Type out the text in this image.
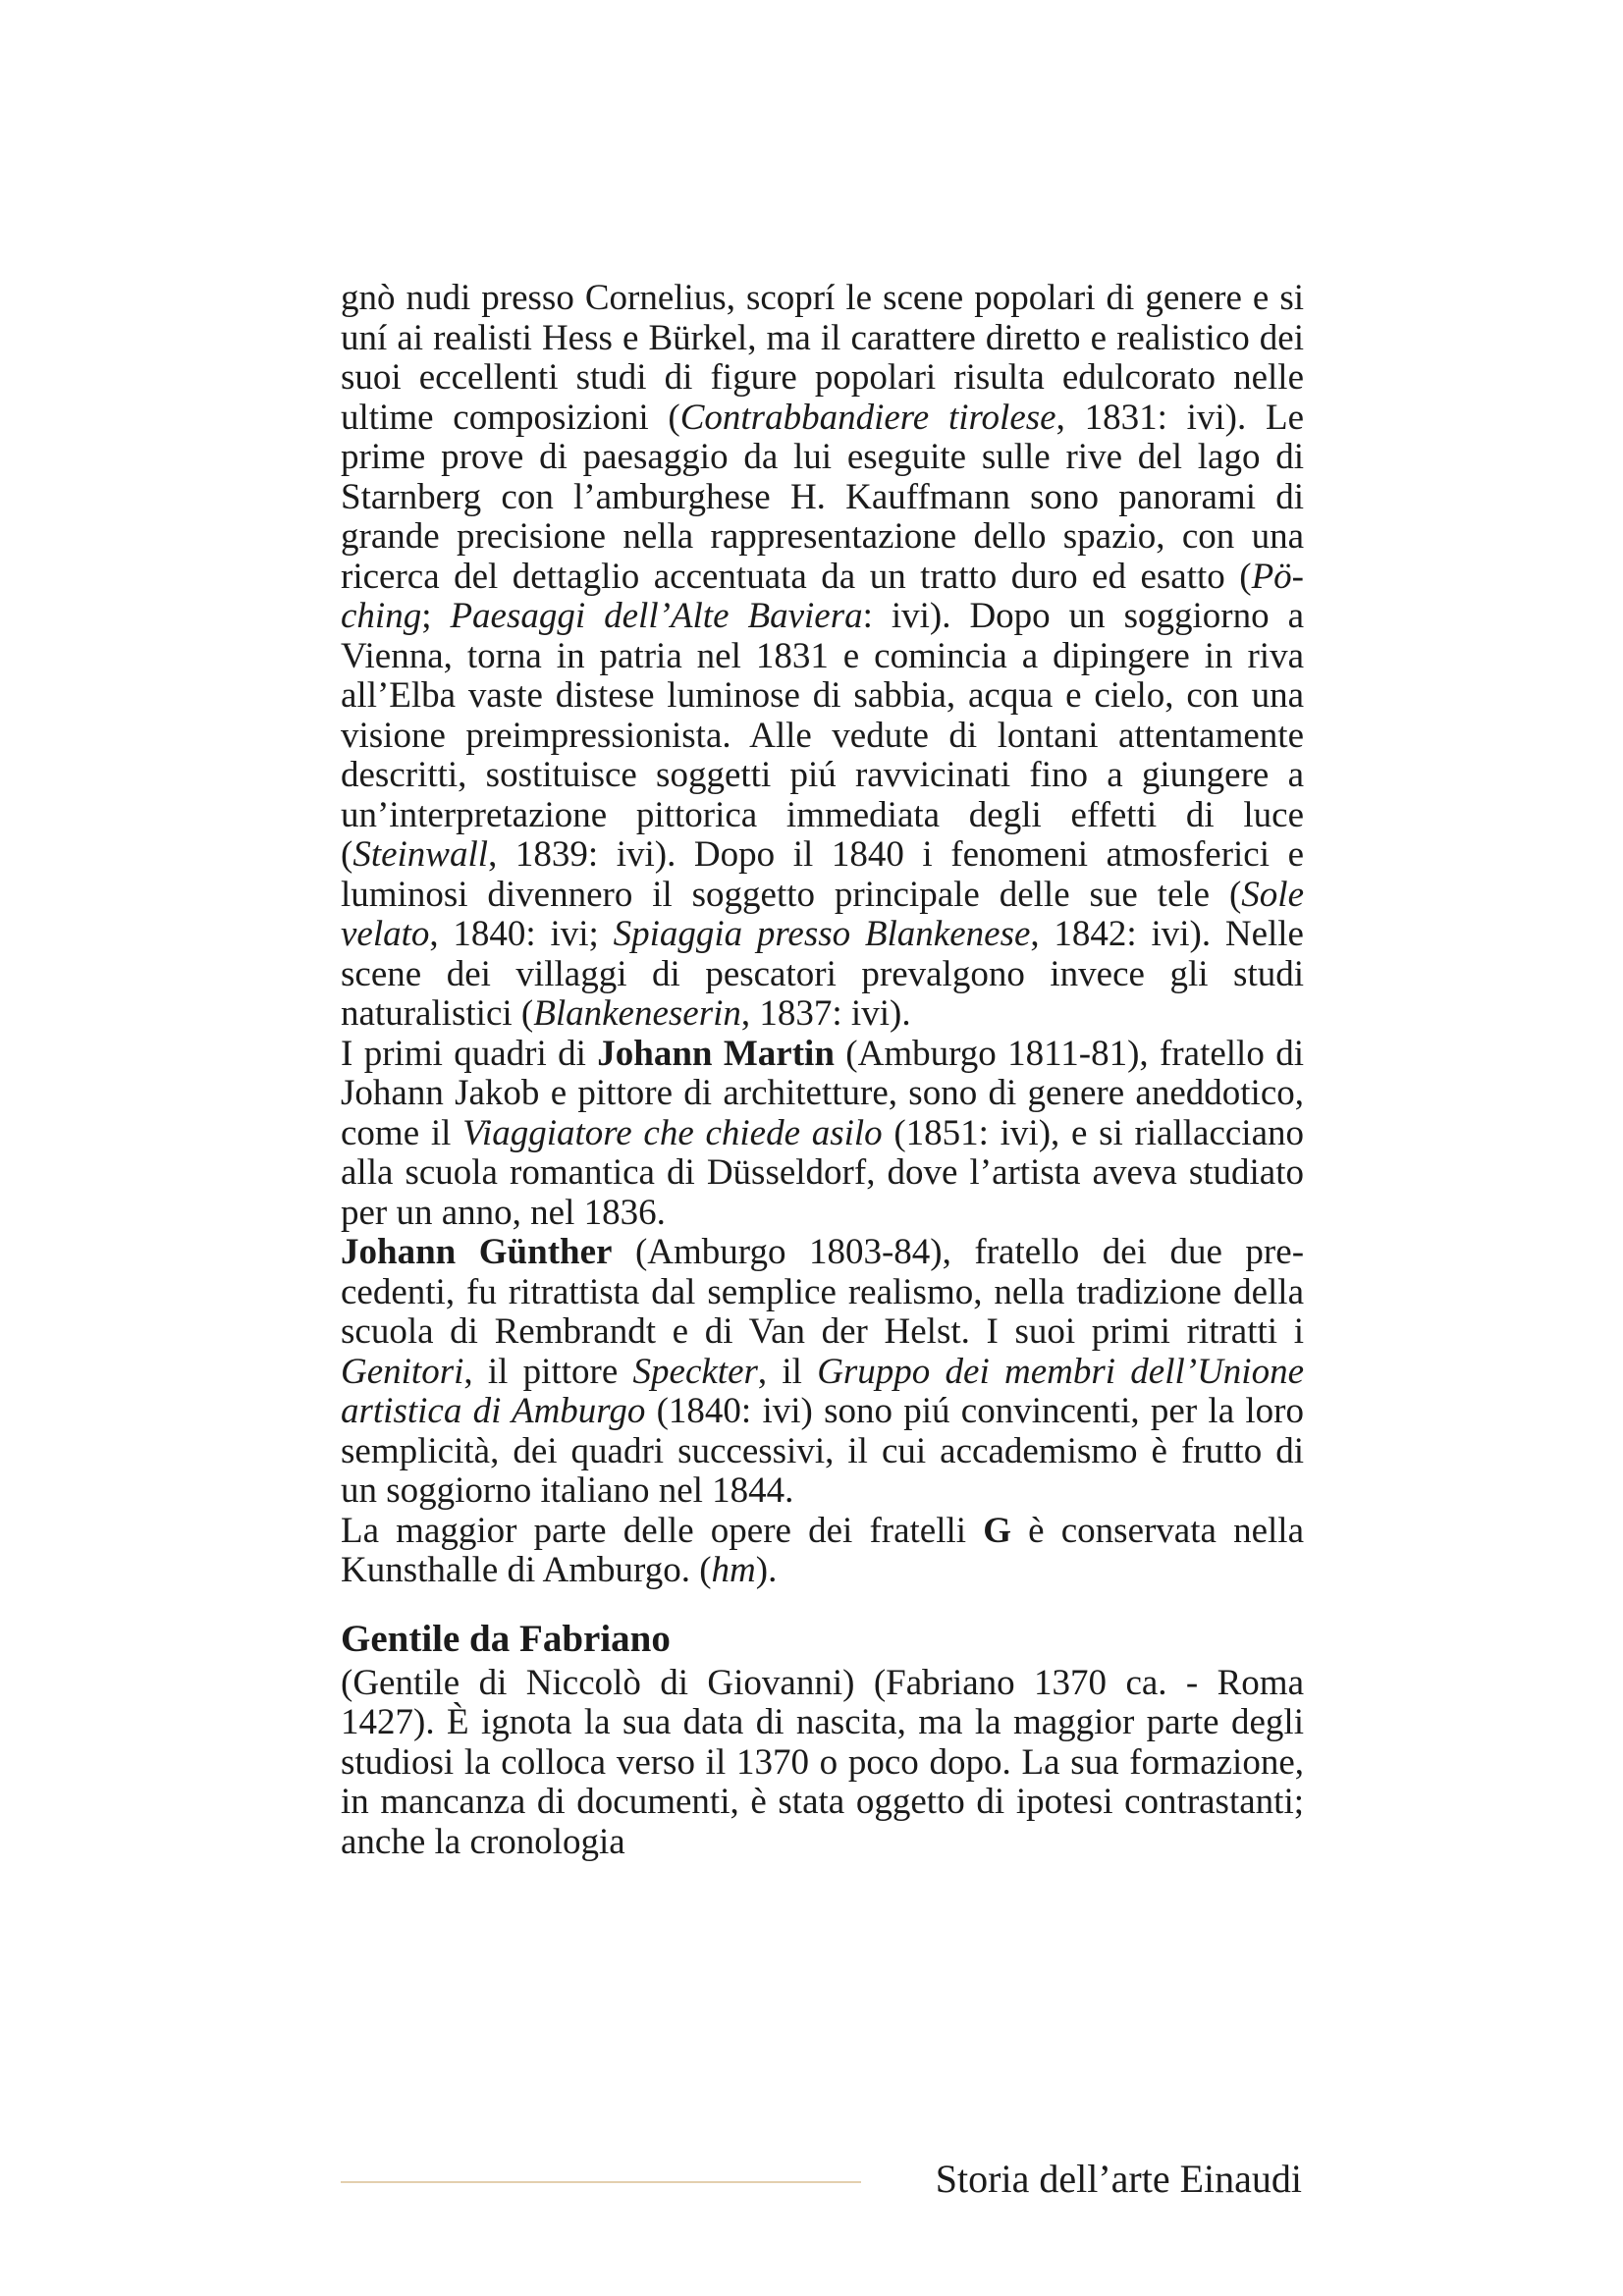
gnò nudi presso Cornelius, scoprí le scene popolari di genere e si uní ai realisti Hess e Bürkel, ma il carattere diretto e realistico dei suoi eccellenti studi di figure popolari risulta edulcorato nelle ultime composizioni (Contrabbandiere tirolese, 1831: ivi). Le prime prove di paesaggio da lui eseguite sulle rive del lago di Starnberg con l’amburghese H. Kauffmann sono panorami di grande precisione nella rappresentazione dello spazio, con una ricerca del dettaglio accentuata da un tratto duro ed esatto (Pöching; Paesaggi dell’Alte Baviera: ivi). Dopo un soggiorno a Vienna, torna in patria nel 1831 e comincia a dipingere in riva all’Elba vaste distese luminose di sabbia, acqua e cielo, con una visione preimpressionista. Alle vedute di lontani attentamente descritti, sostituisce soggetti piú ravvicinati fino a giungere a un’interpretazione pittorica immediata degli effetti di luce (Steinwall, 1839: ivi). Dopo il 1840 i fenomeni atmosferici e luminosi divennero il soggetto principale delle sue tele (Sole velato, 1840: ivi; Spiaggia presso Blankenese, 1842: ivi). Nelle scene dei villaggi di pescatori prevalgono invece gli studi naturalistici (Blankeneserin, 1837: ivi).

I primi quadri di Johann Martin (Amburgo 1811-81), fratello di Johann Jakob e pittore di architetture, sono di genere aneddotico, come il Viaggiatore che chiede asilo (1851: ivi), e si riallacciano alla scuola romantica di Düsseldorf, dove l’artista aveva studiato per un anno, nel 1836.

Johann Günther (Amburgo 1803-84), fratello dei due precedenti, fu ritrattista dal semplice realismo, nella tradizione della scuola di Rembrandt e di Van der Helst. I suoi primi ritratti i Genitori, il pittore Speckter, il Gruppo dei membri dell’Unione artistica di Amburgo (1840: ivi) sono piú convincenti, per la loro semplicità, dei quadri successivi, il cui accademismo è frutto di un soggiorno italiano nel 1844.

La maggior parte delle opere dei fratelli G è conservata nella Kunsthalle di Amburgo. (hm).

Gentile da Fabriano

(Gentile di Niccolò di Giovanni) (Fabriano 1370 ca. - Roma 1427). È ignota la sua data di nascita, ma la maggior parte degli studiosi la colloca verso il 1370 o poco dopo. La sua formazione, in mancanza di documenti, è stata oggetto di ipotesi contrastanti; anche la cronologia

Storia dell’arte Einaudi
